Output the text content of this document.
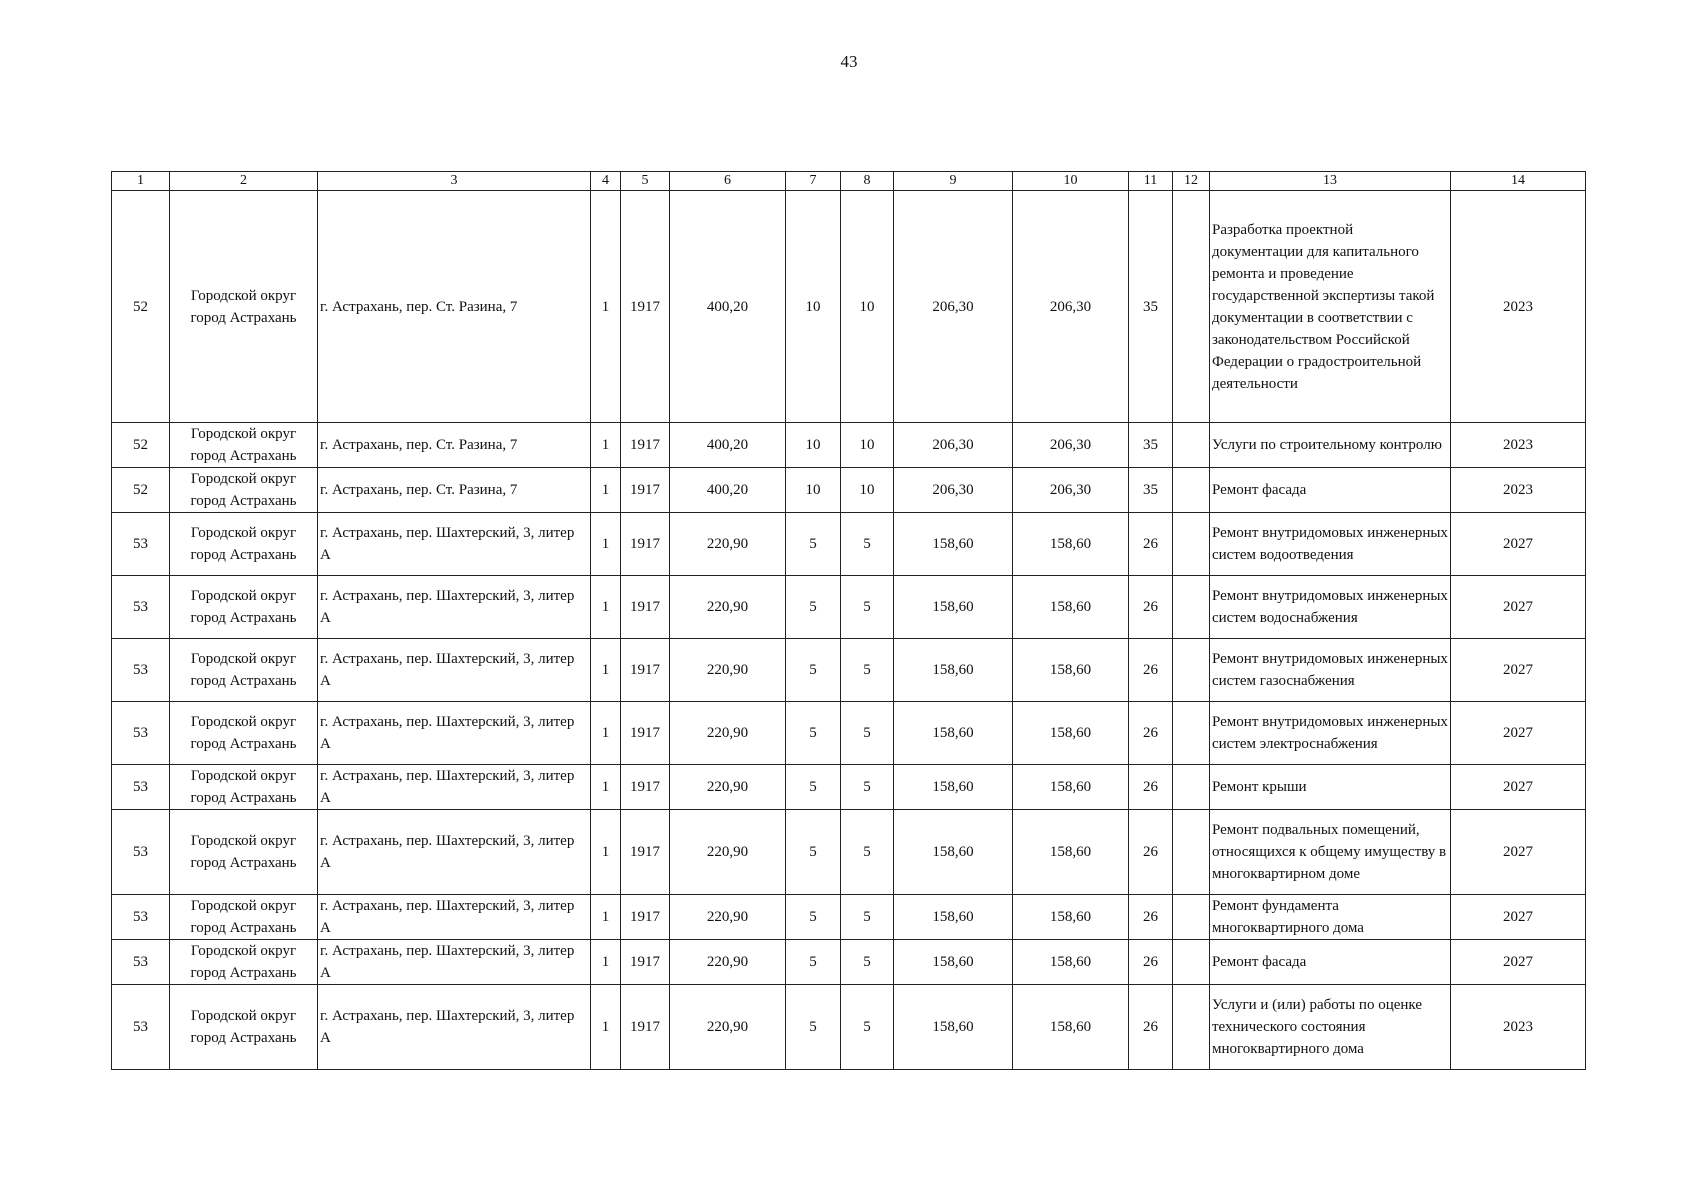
43
1	2	3	4	5	6	7	8	9	10	11	12	13	14
52	Городской округ город Астрахань	г. Астрахань, пер. Ст. Разина, 7	1	1917	400,20	10	10	206,30	206,30	35		Разработка проектной документации для капитального ремонта и проведение государственной экспертизы такой документации в соответствии с законодательством Российской Федерации о градостроительной деятельности	2023
52	Городской округ город Астрахань	г. Астрахань, пер. Ст. Разина, 7	1	1917	400,20	10	10	206,30	206,30	35		Услуги по строительному контролю	2023
52	Городской округ город Астрахань	г. Астрахань, пер. Ст. Разина, 7	1	1917	400,20	10	10	206,30	206,30	35		Ремонт фасада	2023
53	Городской округ город Астрахань	г. Астрахань, пер. Шахтерский, 3, литер А	1	1917	220,90	5	5	158,60	158,60	26		Ремонт внутридомовых инженерных систем водоотведения	2027
53	Городской округ город Астрахань	г. Астрахань, пер. Шахтерский, 3, литер А	1	1917	220,90	5	5	158,60	158,60	26		Ремонт внутридомовых инженерных систем водоснабжения	2027
53	Городской округ город Астрахань	г. Астрахань, пер. Шахтерский, 3, литер А	1	1917	220,90	5	5	158,60	158,60	26		Ремонт внутридомовых инженерных систем газоснабжения	2027
53	Городской округ город Астрахань	г. Астрахань, пер. Шахтерский, 3, литер А	1	1917	220,90	5	5	158,60	158,60	26		Ремонт внутридомовых инженерных систем электроснабжения	2027
53	Городской округ город Астрахань	г. Астрахань, пер. Шахтерский, 3, литер А	1	1917	220,90	5	5	158,60	158,60	26		Ремонт крыши	2027
53	Городской округ город Астрахань	г. Астрахань, пер. Шахтерский, 3, литер А	1	1917	220,90	5	5	158,60	158,60	26		Ремонт подвальных помещений, относящихся к общему имуществу в многоквартирном доме	2027
53	Городской округ город Астрахань	г. Астрахань, пер. Шахтерский, 3, литер А	1	1917	220,90	5	5	158,60	158,60	26		Ремонт фундамента многоквартирного дома	2027
53	Городской округ город Астрахань	г. Астрахань, пер. Шахтерский, 3, литер А	1	1917	220,90	5	5	158,60	158,60	26		Ремонт фасада	2027
53	Городской округ город Астрахань	г. Астрахань, пер. Шахтерский, 3, литер А	1	1917	220,90	5	5	158,60	158,60	26		Услуги и (или) работы по оценке технического состояния многоквартирного дома	2023
